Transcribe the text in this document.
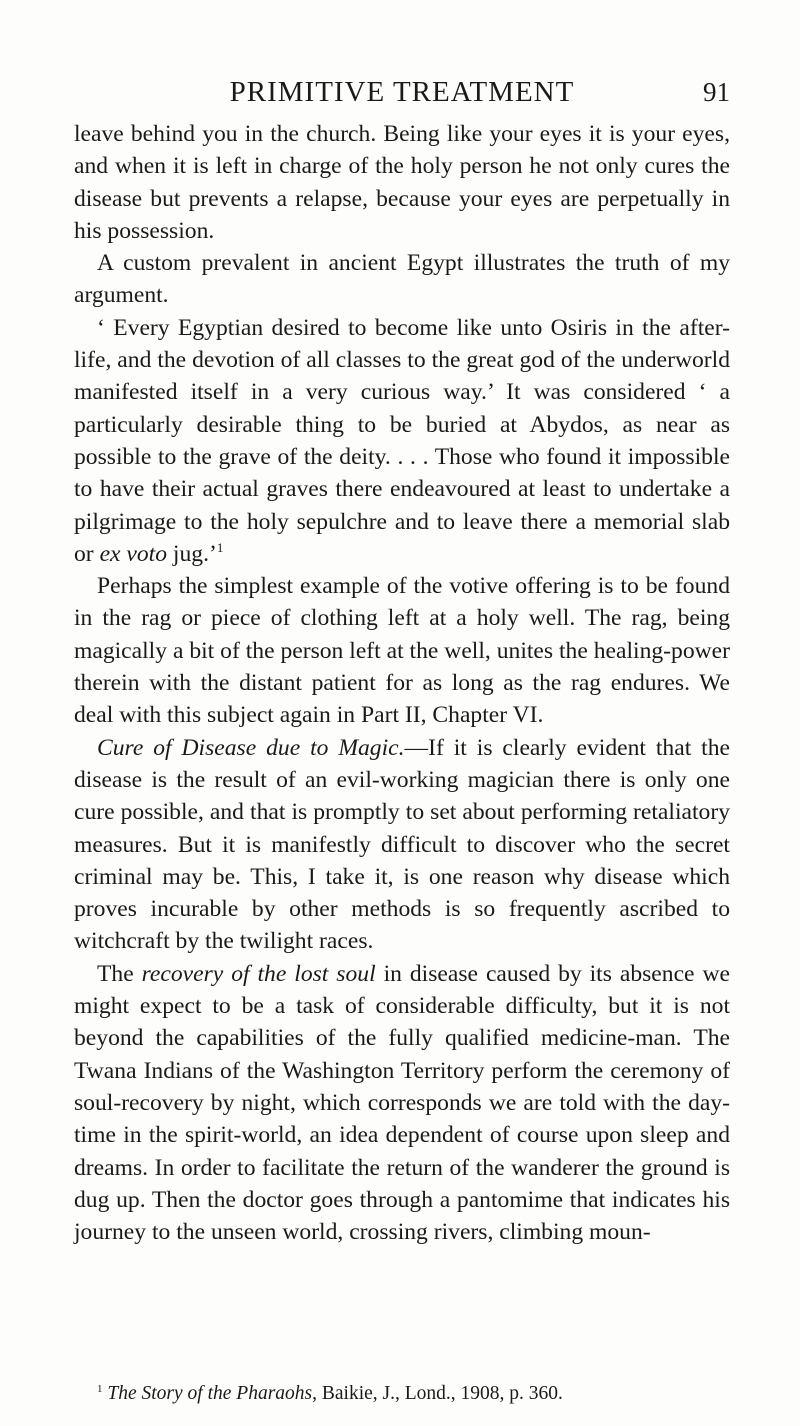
PRIMITIVE TREATMENT	91

leave behind you in the church. Being like your eyes it is your eyes, and when it is left in charge of the holy person he not only cures the disease but prevents a relapse, because your eyes are perpetually in his possession.

A custom prevalent in ancient Egypt illustrates the truth of my argument.

‘ Every Egyptian desired to become like unto Osiris in the after-life, and the devotion of all classes to the great god of the underworld manifested itself in a very curious way.’ It was considered ‘ a particularly desirable thing to be buried at Abydos, as near as possible to the grave of the deity. . . . Those who found it impossible to have their actual graves there endeavoured at least to undertake a pilgrimage to the holy sepulchre and to leave there a memorial slab or ex voto jug.’$^1$

Perhaps the simplest example of the votive offering is to be found in the rag or piece of clothing left at a holy well. The rag, being magically a bit of the person left at the well, unites the healing-power therein with the distant patient for as long as the rag endures. We deal with this subject again in Part II, Chapter VI.

Cure of Disease due to Magic.—If it is clearly evident that the disease is the result of an evil-working magician there is only one cure possible, and that is promptly to set about performing retaliatory measures. But it is manifestly difficult to discover who the secret criminal may be. This, I take it, is one reason why disease which proves incurable by other methods is so frequently ascribed to witchcraft by the twilight races.

The recovery of the lost soul in disease caused by its absence we might expect to be a task of considerable difficulty, but it is not beyond the capabilities of the fully qualified medicine-man. The Twana Indians of the Washington Territory perform the ceremony of soul-recovery by night, which corresponds we are told with the day-time in the spirit-world, an idea dependent of course upon sleep and dreams. In order to facilitate the return of the wanderer the ground is dug up. Then the doctor goes through a pantomime that indicates his journey to the unseen world, crossing rivers, climbing moun-

$^1$ The Story of the Pharaohs, Baikie, J., Lond., 1908, p. 360.
